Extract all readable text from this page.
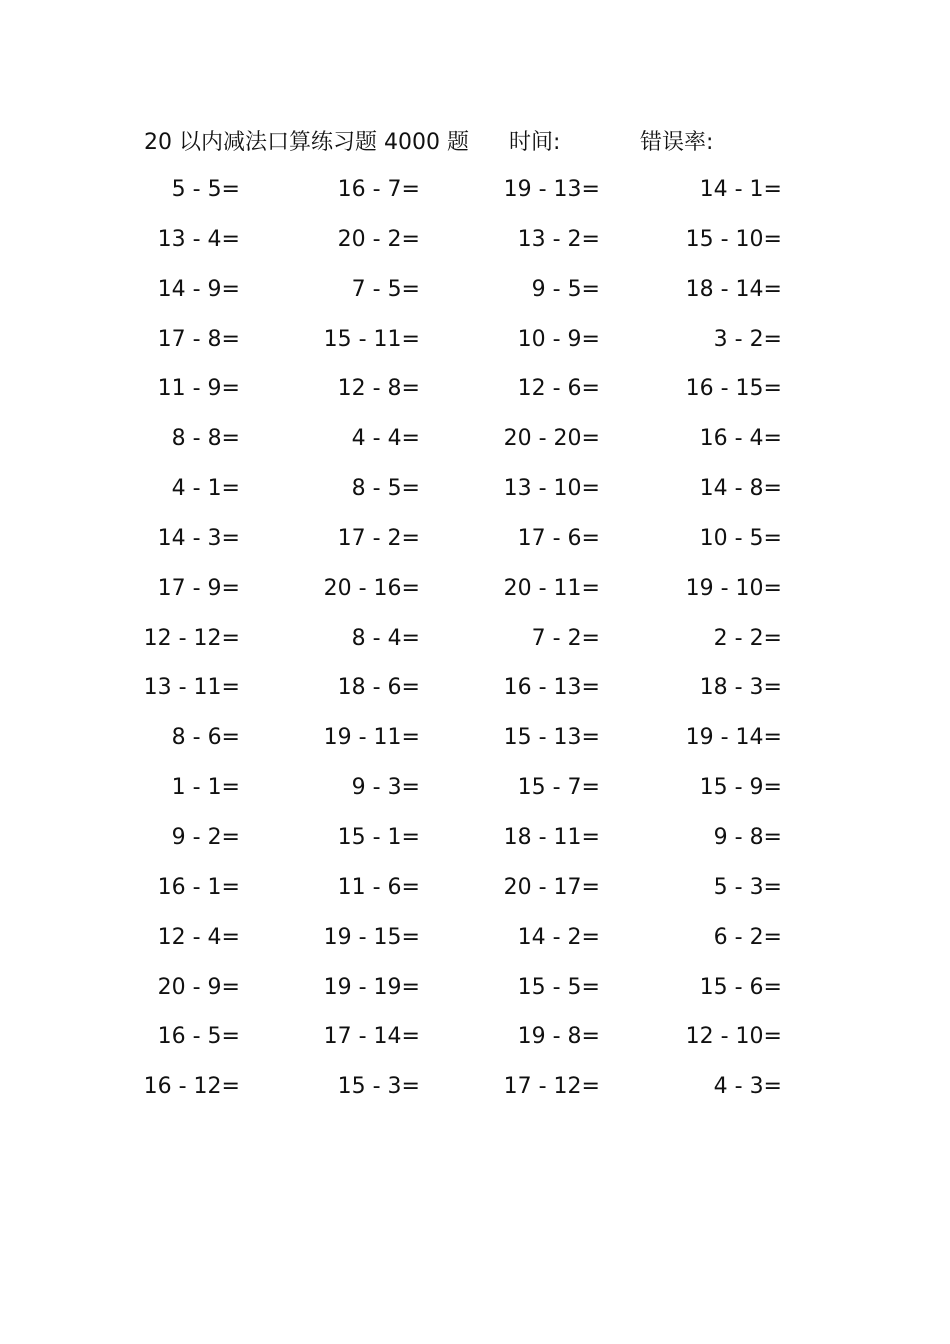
20 以内减法口算练习题 4000 题 时间:	错误率:
5 - 5=	16 - 7=	19 - 13=	14 - 1=
13 - 4=	20 - 2=	13 - 2=	15 - 10=
14 - 9=	7 - 5=	9 - 5=	18 - 14=
17 - 8=	15 - 11=	10 - 9=	3 - 2=
11 - 9=	12 - 8=	12 - 6=	16 - 15=
8 - 8=	4 - 4=	20 - 20=	16 - 4=
4 - 1=	8 - 5=	13 - 10=	14 - 8=
14 - 3=	17 - 2=	17 - 6=	10 - 5=
17 - 9=	20 - 16=	20 - 11=	19 - 10=
12 - 12=	8 - 4=	7 - 2=	2 - 2=
13 - 11=	18 - 6=	16 - 13=	18 - 3=
8 - 6=	19 - 11=	15 - 13=	19 - 14=
1 - 1=	9 - 3=	15 - 7=	15 - 9=
9 - 2=	15 - 1=	18 - 11=	9 - 8=
16 - 1=	11 - 6=	20 - 17=	5 - 3=
12 - 4=	19 - 15=	14 - 2=	6 - 2=
20 - 9=	19 - 19=	15 - 5=	15 - 6=
16 - 5=	17 - 14=	19 - 8=	12 - 10=
16 - 12=	15 - 3=	17 - 12=	4 - 3=
